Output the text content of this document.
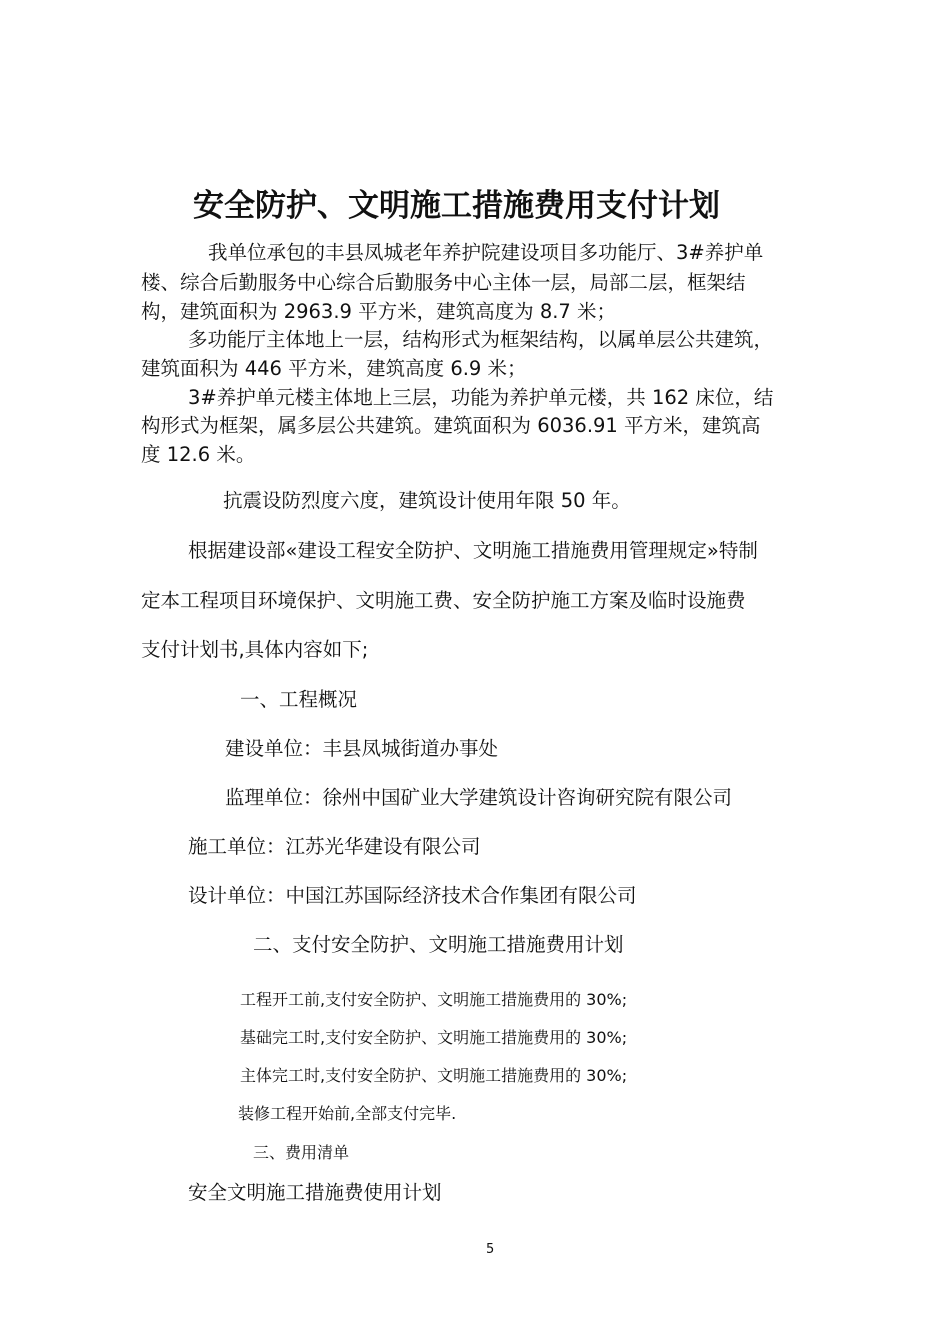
安全防护、文明施工措施费用支付计划

我单位承包的丰县凤城老年养护院建设项目多功能厅、3#养护单

楼、综合后勤服务中心综合后勤服务中心主体一层，局部二层，框架结

构，建筑面积为 2963.9 平方米，建筑高度为 8.7 米；

多功能厅主体地上一层，结构形式为框架结构，以属单层公共建筑，

建筑面积为 446 平方米，建筑高度 6.9 米；

3#养护单元楼主体地上三层，功能为养护单元楼，共 162 床位，结

构形式为框架，属多层公共建筑。建筑面积为 6036.91 平方米，建筑高

度 12.6 米。

抗震设防烈度六度，建筑设计使用年限 50 年。

根据建设部«建设工程安全防护、文明施工措施费用管理规定»特制

定本工程项目环境保护、文明施工费、安全防护施工方案及临时设施费

支付计划书,具体内容如下;

一、工程概况

建设单位：丰县凤城街道办事处

监理单位：徐州中国矿业大学建筑设计咨询研究院有限公司

施工单位：江苏光华建设有限公司

设计单位：中国江苏国际经济技术合作集团有限公司

二、支付安全防护、文明施工措施费用计划

工程开工前,支付安全防护、文明施工措施费用的 30%;

基础完工时,支付安全防护、文明施工措施费用的 30%;

主体完工时,支付安全防护、文明施工措施费用的 30%;

装修工程开始前,全部支付完毕.

三、费用清单

安全文明施工措施费使用计划

5
